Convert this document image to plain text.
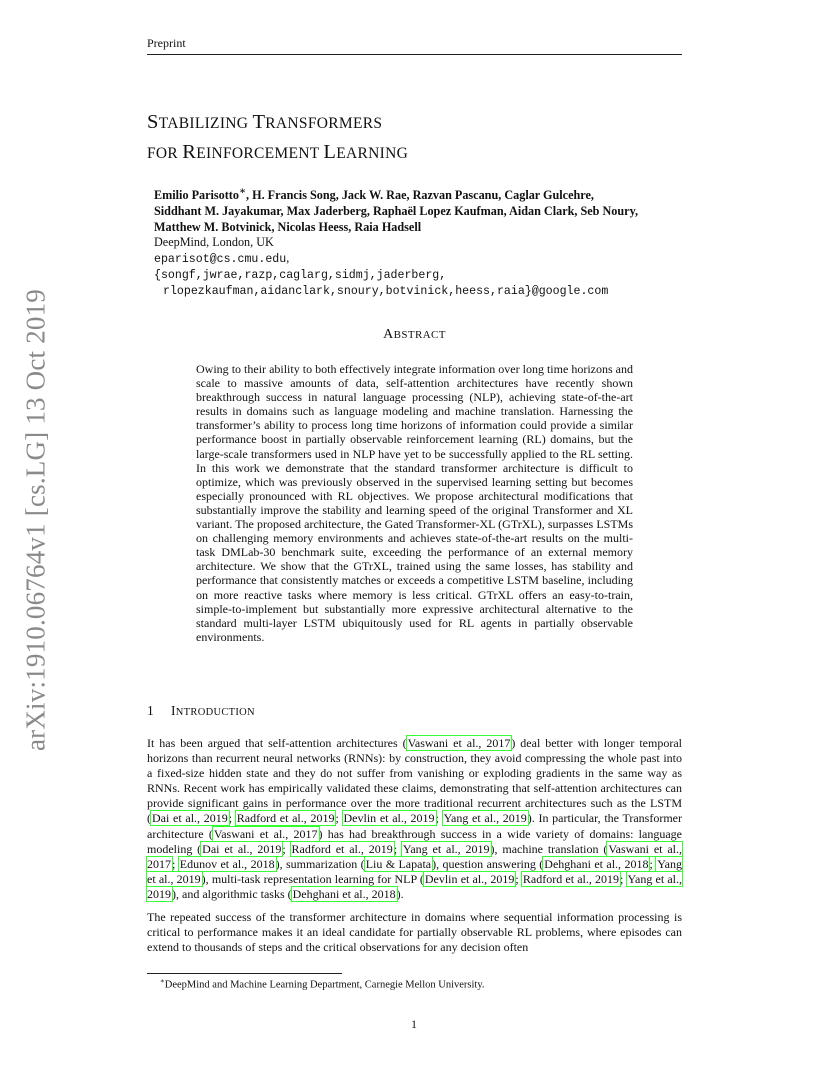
Preprint
arXiv:1910.06764v1 [cs.LG] 13 Oct 2019
STABILIZING TRANSFORMERS
FOR REINFORCEMENT LEARNING
Emilio Parisotto∗, H. Francis Song, Jack W. Rae, Razvan Pascanu, Caglar Gulcehre,
Siddhant M. Jayakumar, Max Jaderberg, Raphaël Lopez Kaufman, Aidan Clark, Seb Noury,
Matthew M. Botvinick, Nicolas Heess, Raia Hadsell
DeepMind, London, UK
eparisot@cs.cmu.edu,
{songf,jwrae,razp,caglarg,sidmj,jaderberg,
rlopezkaufman,aidanclark,snoury,botvinick,heess,raia}@google.com
ABSTRACT
Owing to their ability to both effectively integrate information over long time horizons and scale to massive amounts of data, self-attention architectures have recently shown breakthrough success in natural language processing (NLP), achieving state-of-the-art results in domains such as language modeling and machine translation. Harnessing the transformer’s ability to process long time horizons of information could provide a similar performance boost in partially observable reinforcement learning (RL) domains, but the large-scale transformers used in NLP have yet to be successfully applied to the RL setting. In this work we demonstrate that the standard transformer architecture is difficult to optimize, which was previously observed in the supervised learning setting but becomes especially pronounced with RL objectives. We propose architectural modifications that substantially improve the stability and learning speed of the original Transformer and XL variant. The proposed architecture, the Gated Transformer-XL (GTrXL), surpasses LSTMs on challenging memory environments and achieves state-of-the-art results on the multi-task DMLab-30 benchmark suite, exceeding the performance of an external memory architecture. We show that the GTrXL, trained using the same losses, has stability and performance that consistently matches or exceeds a competitive LSTM baseline, including on more reactive tasks where memory is less critical. GTrXL offers an easy-to-train, simple-to-implement but substantially more expressive architectural alternative to the standard multi-layer LSTM ubiquitously used for RL agents in partially observable environments.
1 INTRODUCTION

It has been argued that self-attention architectures (Vaswani et al., 2017) deal better with longer temporal horizons than recurrent neural networks (RNNs): by construction, they avoid compressing the whole past into a fixed-size hidden state and they do not suffer from vanishing or exploding gradients in the same way as RNNs. Recent work has empirically validated these claims, demonstrating that self-attention architectures can provide significant gains in performance over the more traditional recurrent architectures such as the LSTM (Dai et al., 2019; Radford et al., 2019; Devlin et al., 2019; Yang et al., 2019). In particular, the Transformer architecture (Vaswani et al., 2017) has had breakthrough success in a wide variety of domains: language modeling (Dai et al., 2019; Radford et al., 2019; Yang et al., 2019), machine translation (Vaswani et al., 2017; Edunov et al., 2018), summarization (Liu & Lapata), question answering (Dehghani et al., 2018; Yang et al., 2019), multi-task representation learning for NLP (Devlin et al., 2019; Radford et al., 2019; Yang et al., 2019), and algorithmic tasks (Dehghani et al., 2018).

The repeated success of the transformer architecture in domains where sequential information processing is critical to performance makes it an ideal candidate for partially observable RL problems, where episodes can extend to thousands of steps and the critical observations for any decision often

∗DeepMind and Machine Learning Department, Carnegie Mellon University.
1
